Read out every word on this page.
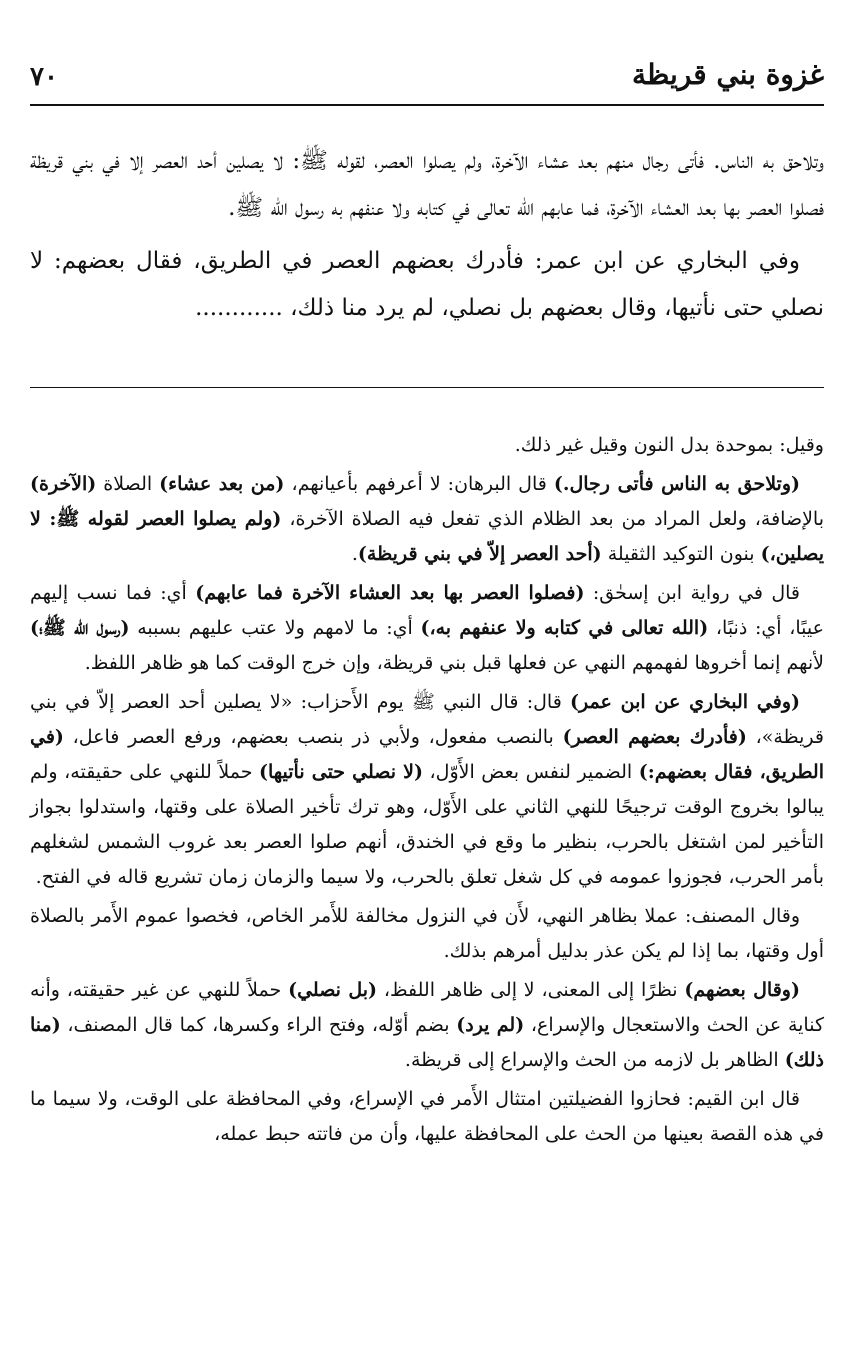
٧٠	غزوة بني قريظة

وتلاحق به الناس. فأتى رجال منهم بعد عشاء الآخرة، ولم يصلوا العصر، لقوله ﷺ: لا يصلين أحد العصر إلا في بني قريظة فصلوا العصر بها بعد العشاء الآخرة، فما عابهم الله تعالى في كتابه ولا عنفهم به رسول الله ﷺ.

وفي البخاري عن ابن عمر: فأدرك بعضهم العصر في الطريق، فقال بعضهم: لا نصلي حتى نأتيها، وقال بعضهم بل نصلي، لم يرد منا ذلك، ............

وقيل: بموحدة بدل النون وقيل غير ذلك.

(وتلاحق به الناس فأتى رجال.) قال البرهان: لا أعرفهم بأعيانهم، (من بعد عشاء) الصلاة (الآخرة) بالإضافة، ولعل المراد من بعد الظلام الذي تفعل فيه الصلاة الآخرة، (ولم يصلوا العصر لقوله ﷺ: لا يصلين،) بنون التوكيد الثقيلة (أحد العصر إلاّ في بني قريظة).

قال في رواية ابن إسحٰق: (فصلوا العصر بها بعد العشاء الآخرة فما عابهم) أي: فما نسب إليهم عيبًا، أي: ذنبًا، (الله تعالى في كتابه ولا عنفهم به،) أي: ما لامهم ولا عتب عليهم بسببه (رسول الله ﷺ؛) لأنهم إنما أخروها لفهمهم النهي عن فعلها قبل بني قريظة، وإن خرج الوقت كما هو ظاهر اللفظ.

(وفي البخاري عن ابن عمر) قال: قال النبي ﷺ يوم الأَحزاب: «لا يصلين أحد العصر إلاّ في بني قريظة»، (فأدرك بعضهم العصر) بالنصب مفعول، ولأبي ذر بنصب بعضهم، ورفع العصر فاعل، (في الطريق، فقال بعضهم:) الضمير لنفس بعض الأَوّل، (لا نصلي حتى نأتيها) حملاً للنهي على حقيقته، ولم يبالوا بخروج الوقت ترجيحًا للنهي الثاني على الأَوّل، وهو ترك تأخير الصلاة على وقتها، واستدلوا بجواز التأخير لمن اشتغل بالحرب، بنظير ما وقع في الخندق، أنهم صلوا العصر بعد غروب الشمس لشغلهم بأمر الحرب، فجوزوا عمومه في كل شغل تعلق بالحرب، ولا سيما والزمان زمان تشريع قاله في الفتح.

وقال المصنف: عملا بظاهر النهي، لأَن في النزول مخالفة للأَمر الخاص، فخصوا عموم الأَمر بالصلاة أول وقتها، بما إذا لم يكن عذر بدليل أمرهم بذلك.

(وقال بعضهم) نظرًا إلى المعنى، لا إلى ظاهر اللفظ، (بل نصلي) حملاً للنهي عن غير حقيقته، وأنه كناية عن الحث والاستعجال والإسراع، (لم يرد) بضم أوّله، وفتح الراء وكسرها، كما قال المصنف، (منا ذلك) الظاهر بل لازمه من الحث والإسراع إلى قريظة.

قال ابن القيم: فحازوا الفضيلتين امتثال الأَمر في الإسراع، وفي المحافظة على الوقت، ولا سيما ما في هذه القصة بعينها من الحث على المحافظة عليها، وأن من فاتته حبط عمله،
